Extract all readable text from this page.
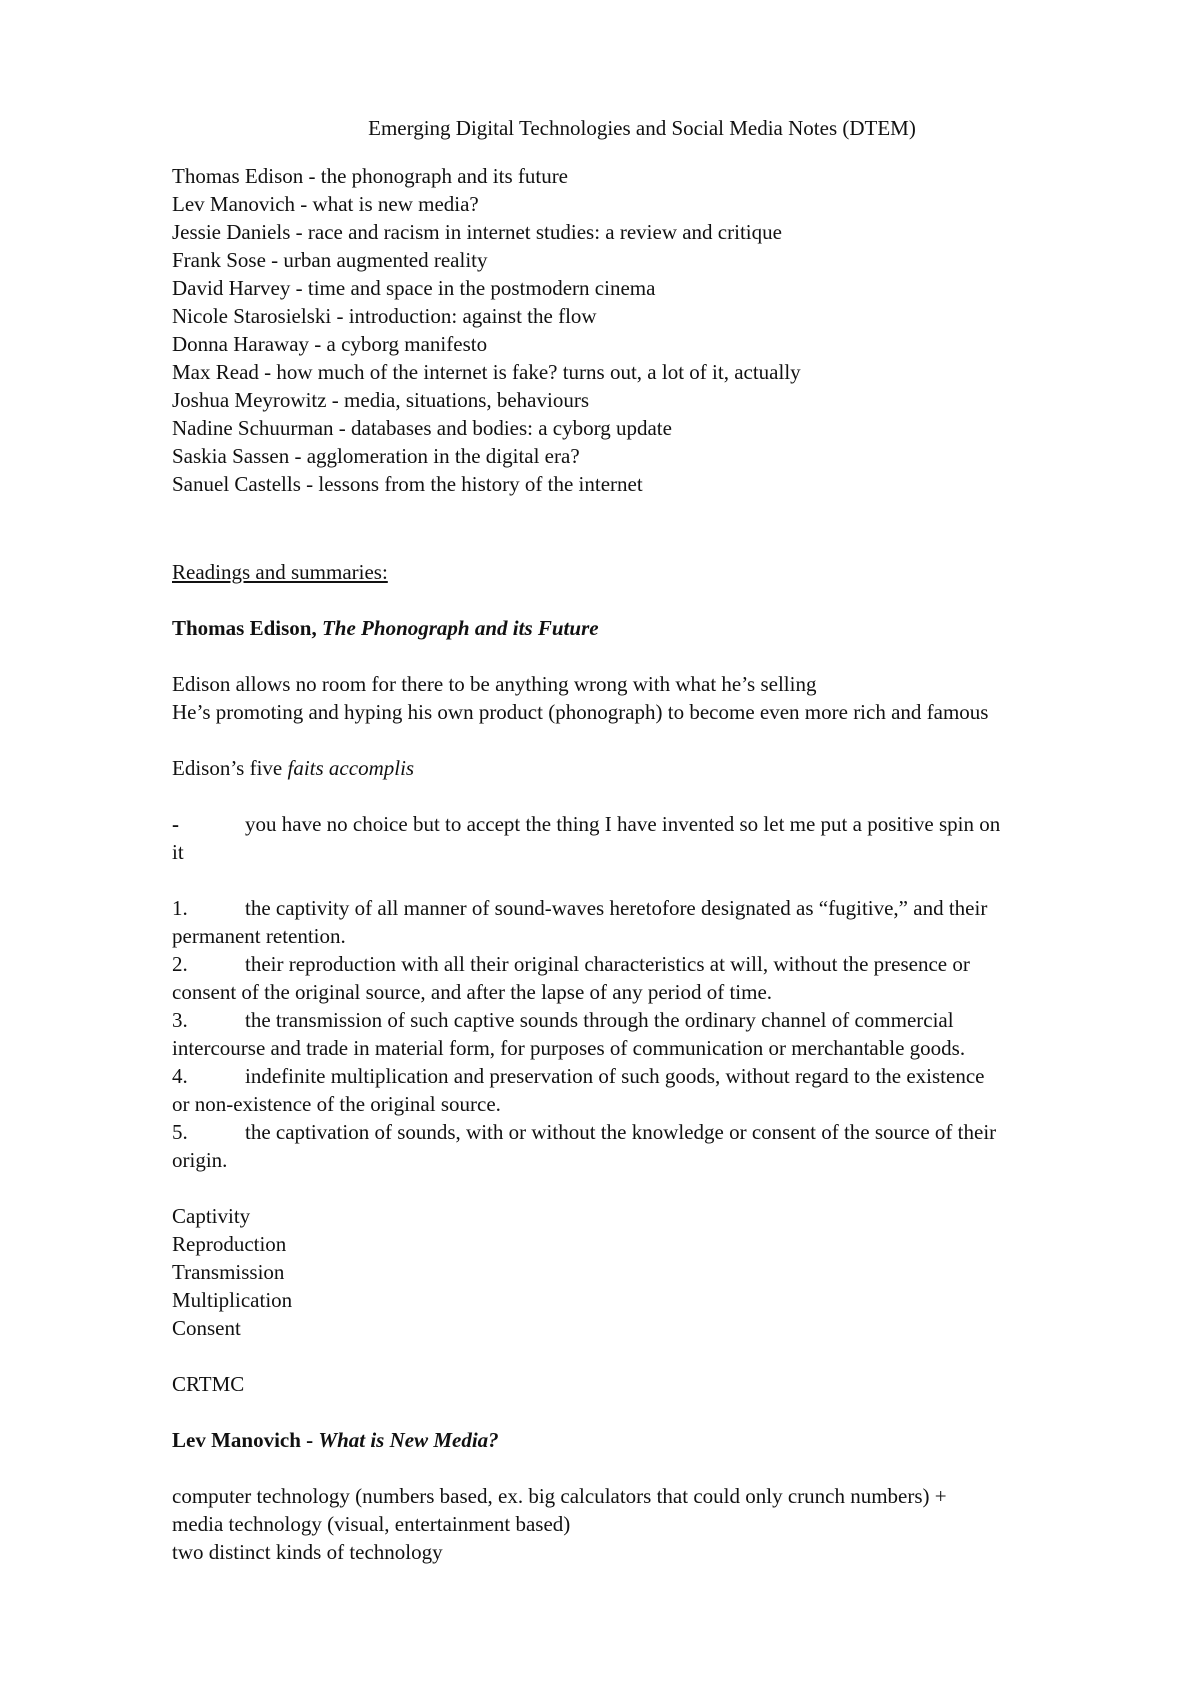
Emerging Digital Technologies and Social Media Notes (DTEM)
Thomas Edison - the phonograph and its future
Lev Manovich - what is new media?
Jessie Daniels - race and racism in internet studies: a review and critique
Frank Sose - urban augmented reality
David Harvey - time and space in the postmodern cinema
Nicole Starosielski - introduction: against the flow
Donna Haraway - a cyborg manifesto
Max Read - how much of the internet is fake? turns out, a lot of it, actually
Joshua Meyrowitz - media, situations, behaviours
Nadine Schuurman - databases and bodies: a cyborg update
Saskia Sassen - agglomeration in the digital era?
Sanuel Castells - lessons from the history of the internet
Readings and summaries:
Thomas Edison, The Phonograph and its Future
Edison allows no room for there to be anything wrong with what he’s selling
He’s promoting and hyping his own product (phonograph) to become even more rich and famous
Edison’s five faits accomplis
-	you have no choice but to accept the thing I have invented so let me put a positive spin on
it
1.	the captivity of all manner of sound-waves heretofore designated as “fugitive,” and their
permanent retention.
2.	their reproduction with all their original characteristics at will, without the presence or
consent of the original source, and after the lapse of any period of time.
3.	the transmission of such captive sounds through the ordinary channel of commercial
intercourse and trade in material form, for purposes of communication or merchantable goods.
4.	indefinite multiplication and preservation of such goods, without regard to the existence
or non-existence of the original source.
5.	the captivation of sounds, with or without the knowledge or consent of the source of their
origin.
Captivity
Reproduction
Transmission
Multiplication
Consent
CRTMC
Lev Manovich - What is New Media?
computer technology (numbers based, ex. big calculators that could only crunch numbers) +
media technology (visual, entertainment based)
two distinct kinds of technology
